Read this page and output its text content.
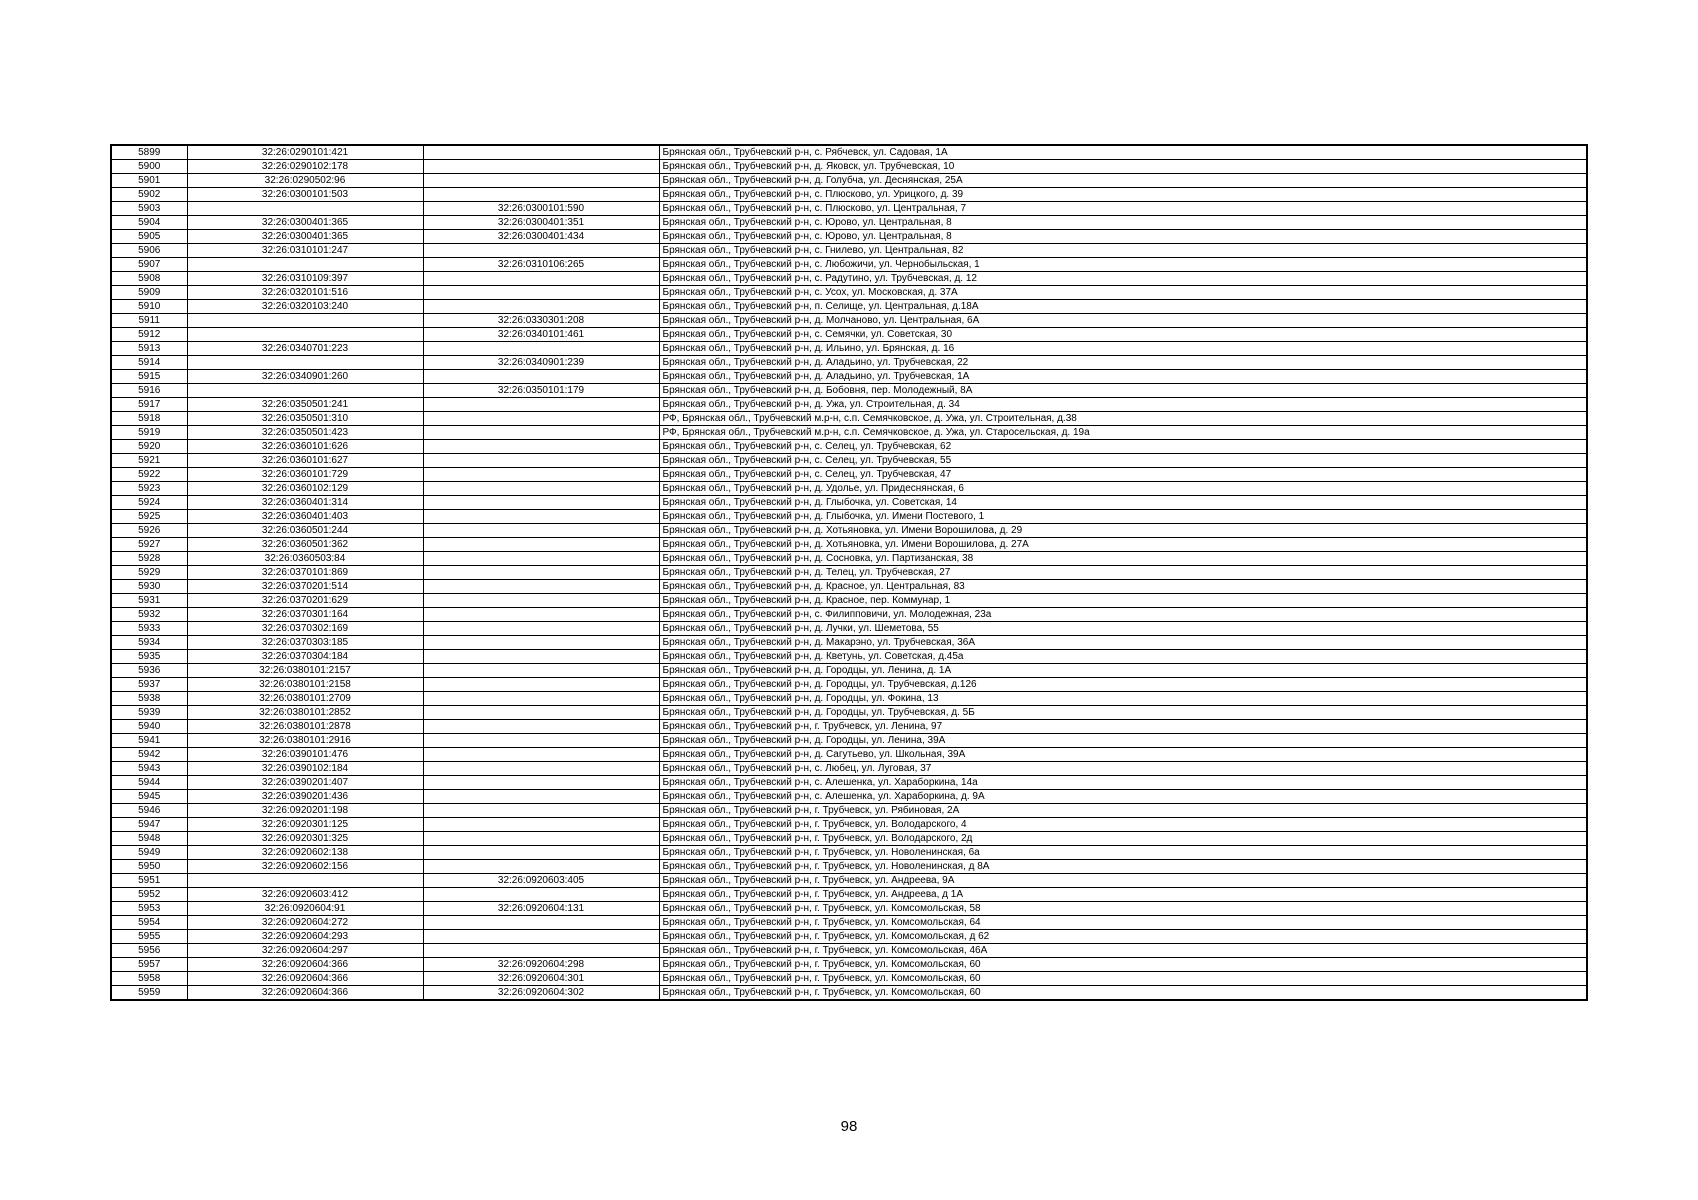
5899	32:26:0290101:421		Брянская обл., Трубчевский р-н, с. Рябчевск, ул. Садовая, 1А
5900	32:26:0290102:178		Брянская обл., Трубчевский р-н, д. Яковск, ул. Трубчевская, 10
5901	32:26:0290502:96		Брянская обл., Трубчевский р-н, д. Голубча, ул. Деснянская, 25А
5902	32:26:0300101:503		Брянская обл., Трубчевский р-н, с. Плюсково, ул. Урицкого, д. 39
5903		32:26:0300101:590	Брянская обл., Трубчевский р-н, с. Плюсково, ул. Центральная, 7
5904	32:26:0300401:365	32:26:0300401:351	Брянская обл., Трубчевский р-н, с. Юрово, ул. Центральная, 8
5905	32:26:0300401:365	32:26:0300401:434	Брянская обл., Трубчевский р-н, с. Юрово, ул. Центральная, 8
5906	32:26:0310101:247		Брянская обл., Трубчевский р-н, с. Гнилево, ул. Центральная, 82
5907		32:26:0310106:265	Брянская обл., Трубчевский р-н, с. Любожичи, ул. Чернобыльская, 1
5908	32:26:0310109:397		Брянская обл., Трубчевский р-н, с. Радутино, ул. Трубчевская, д. 12
5909	32:26:0320101:516		Брянская обл., Трубчевский р-н, с. Усох, ул. Московская, д. 37А
5910	32:26:0320103:240		Брянская обл., Трубчевский р-н, п. Селище, ул. Центральная, д.18А
5911		32:26:0330301:208	Брянская обл., Трубчевский р-н, д. Молчаново, ул. Центральная, 6А
5912		32:26:0340101:461	Брянская обл., Трубчевский р-н, с. Семячки, ул. Советская, 30
5913	32:26:0340701:223		Брянская обл., Трубчевский р-н, д. Ильино, ул. Брянская, д. 16
5914		32:26:0340901:239	Брянская обл., Трубчевский р-н, д. Аладьино, ул. Трубчевская, 22
5915	32:26:0340901:260		Брянская обл., Трубчевский р-н, д. Аладьино, ул. Трубчевская, 1А
5916		32:26:0350101:179	Брянская обл., Трубчевский р-н, д. Бобовня, пер. Молодежный, 8А
5917	32:26:0350501:241		Брянская обл., Трубчевский р-н, д. Ужа, ул. Строительная, д. 34
5918	32:26:0350501:310		РФ, Брянская обл., Трубчевский м.р-н, с.п. Семячковское, д. Ужа, ул. Строительная, д.38
5919	32:26:0350501:423		РФ, Брянская обл., Трубчевский м.р-н, с.п. Семячковское, д. Ужа, ул. Старосельская, д. 19а
5920	32:26:0360101:626		Брянская обл., Трубчевский р-н, с. Селец, ул. Трубчевская, 62
5921	32:26:0360101:627		Брянская обл., Трубчевский р-н, с. Селец, ул. Трубчевская, 55
5922	32:26:0360101:729		Брянская обл., Трубчевский р-н, с. Селец, ул. Трубчевская, 47
5923	32:26:0360102:129		Брянская обл., Трубчевский р-н, д. Удолье, ул. Придеснянская, 6
5924	32:26:0360401:314		Брянская обл., Трубчевский р-н, д. Глыбочка, ул. Советская, 14
5925	32:26:0360401:403		Брянская обл., Трубчевский р-н, д. Глыбочка, ул. Имени Постевого, 1
5926	32:26:0360501:244		Брянская обл., Трубчевский р-н, д. Хотьяновка, ул. Имени Ворошилова, д. 29
5927	32:26:0360501:362		Брянская обл., Трубчевский р-н, д. Хотьяновка, ул. Имени Ворошилова, д. 27А
5928	32:26:0360503:84		Брянская обл., Трубчевский р-н, д. Сосновка, ул. Партизанская, 38
5929	32:26:0370101:869		Брянская обл., Трубчевский р-н, д. Телец, ул. Трубчевская, 27
5930	32:26:0370201:514		Брянская обл., Трубчевский р-н, д. Красное, ул. Центральная, 83
5931	32:26:0370201:629		Брянская обл., Трубчевский р-н, д. Красное, пер. Коммунар, 1
5932	32:26:0370301:164		Брянская обл., Трубчевский р-н, с. Филипповичи, ул. Молодежная, 23а
5933	32:26:0370302:169		Брянская обл., Трубчевский р-н, д. Лучки, ул. Шеметова, 55
5934	32:26:0370303:185		Брянская обл., Трубчевский р-н, д. Макарэно, ул. Трубчевская, 36А
5935	32:26:0370304:184		Брянская обл., Трубчевский р-н, д. Кветунь, ул. Советская, д.45а
5936	32:26:0380101:2157		Брянская обл., Трубчевский р-н, д. Городцы, ул. Ленина, д. 1А
5937	32:26:0380101:2158		Брянская обл., Трубчевский р-н, д. Городцы, ул. Трубчевская, д.126
5938	32:26:0380101:2709		Брянская обл., Трубчевский р-н, д. Городцы, ул. Фокина, 13
5939	32:26:0380101:2852		Брянская обл., Трубчевский р-н, д. Городцы, ул. Трубчевская, д. 5Б
5940	32:26:0380101:2878		Брянская обл., Трубчевский р-н, г. Трубчевск, ул. Ленина, 97
5941	32:26:0380101:2916		Брянская обл., Трубчевский р-н, д. Городцы, ул. Ленина, 39А
5942	32:26:0390101:476		Брянская обл., Трубчевский р-н, д. Сагутьево, ул. Школьная, 39А
5943	32:26:0390102:184		Брянская обл., Трубчевский р-н, с. Любец, ул. Луговая, 37
5944	32:26:0390201:407		Брянская обл., Трубчевский р-н, с. Алешенка, ул. Хараборкина, 14а
5945	32:26:0390201:436		Брянская обл., Трубчевский р-н, с. Алешенка, ул. Хараборкина, д. 9А
5946	32:26:0920201:198		Брянская обл., Трубчевский р-н, г. Трубчевск, ул. Рябиновая, 2А
5947	32:26:0920301:125		Брянская обл., Трубчевский р-н, г. Трубчевск, ул. Володарского, 4
5948	32:26:0920301:325		Брянская обл., Трубчевский р-н, г. Трубчевск, ул. Володарского, 2д
5949	32:26:0920602:138		Брянская обл., Трубчевский р-н, г. Трубчевск, ул. Новоленинская, 6а
5950	32:26:0920602:156		Брянская обл., Трубчевский р-н, г. Трубчевск, ул. Новоленинская, д 8А
5951		32:26:0920603:405	Брянская обл., Трубчевский р-н, г. Трубчевск, ул. Андреева, 9А
5952	32:26:0920603:412		Брянская обл., Трубчевский р-н, г. Трубчевск, ул. Андреева, д 1А
5953	32:26:0920604:91	32:26:0920604:131	Брянская обл., Трубчевский р-н, г. Трубчевск, ул. Комсомольская, 58
5954	32:26:0920604:272		Брянская обл., Трубчевский р-н, г. Трубчевск, ул. Комсомольская, 64
5955	32:26:0920604:293		Брянская обл., Трубчевский р-н, г. Трубчевск, ул. Комсомольская, д 62
5956	32:26:0920604:297		Брянская обл., Трубчевский р-н, г. Трубчевск, ул. Комсомольская, 46А
5957	32:26:0920604:366	32:26:0920604:298	Брянская обл., Трубчевский р-н, г. Трубчевск, ул. Комсомольская, 60
5958	32:26:0920604:366	32:26:0920604:301	Брянская обл., Трубчевский р-н, г. Трубчевск, ул. Комсомольская, 60
5959	32:26:0920604:366	32:26:0920604:302	Брянская обл., Трубчевский р-н, г. Трубчевск, ул. Комсомольская, 60
98
